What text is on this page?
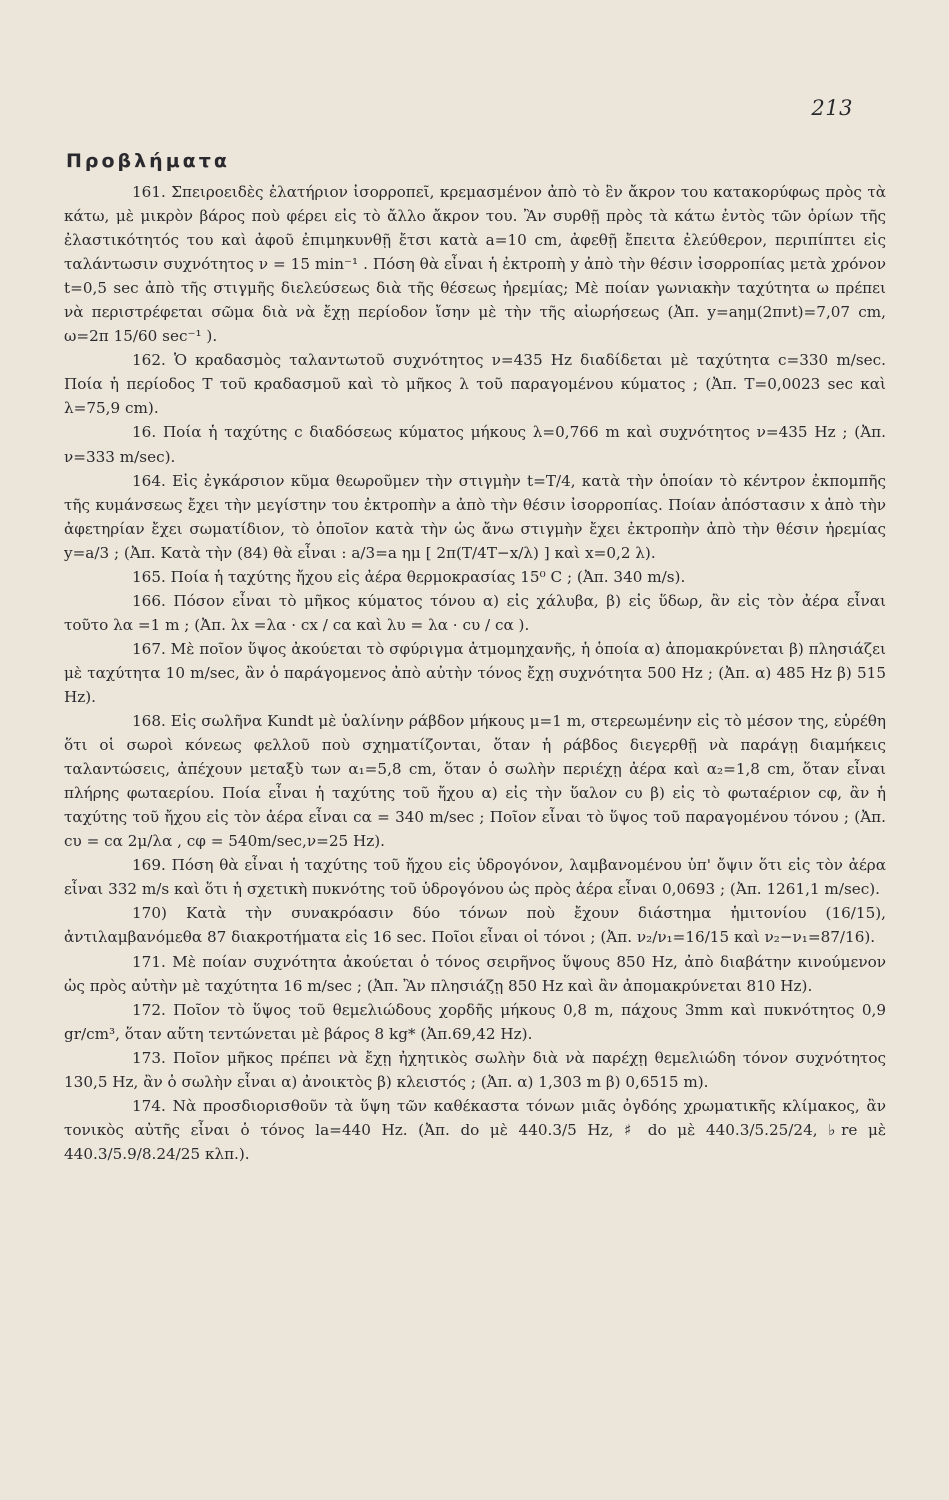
213
Προβλήματα

161. Σπειροειδὲς ἐλατήριον ἰσορροπεῖ, κρεμασμένον ἀπὸ τὸ ἓν ἄκρον του κατακορύφως πρὸς τὰ κάτω, μὲ μικρὸν βάρος ποὺ φέρει εἰς τὸ ἄλλο ἄκρον του. Ἂν συρθῇ πρὸς τὰ κάτω ἐντὸς τῶν ὁρίων τῆς ἐλαστικότητός του καὶ ἀφοῦ ἐπιμηκυνθῇ ἔτσι κατὰ a=10 cm, ἀφεθῇ ἔπειτα ἐλεύθερον, περιπίπτει εἰς ταλάντωσιν συχνότητος ν = 15 min⁻¹ . Πόση θὰ εἶναι ἡ ἐκτροπὴ y ἀπὸ τὴν θέσιν ἰσορροπίας μετὰ χρόνον t=0,5 sec ἀπὸ τῆς στιγμῆς διελεύσεως διὰ τῆς θέσεως ἠρεμίας; Μὲ ποίαν γωνιακὴν ταχύτητα ω πρέπει νὰ περιστρέφεται σῶμα διὰ νὰ ἔχῃ περίοδον ἴσην μὲ τὴν τῆς αἰωρήσεως (Ἀπ. y=aημ(2πνt)=7,07 cm, ω=2π 15/60 sec⁻¹ ).

162. Ὁ κραδασμὸς ταλαντωτοῦ συχνότητος ν=435 Hz διαδίδεται μὲ ταχύτητα c=330 m/sec. Ποία ἡ περίοδος T τοῦ κραδασμοῦ καὶ τὸ μῆκος λ τοῦ παραγομένου κύματος ; (Ἀπ. T=0,0023 sec καὶ λ=75,9 cm).

16. Ποία ἡ ταχύτης c διαδόσεως κύματος μήκους λ=0,766 m καὶ συχνότητος ν=435 Hz ; (Ἀπ. ν=333 m/sec).

164. Εἰς ἐγκάρσιον κῦμα θεωροῦμεν τὴν στιγμὴν t=T/4, κατὰ τὴν ὁποίαν τὸ κέντρον ἐκπομπῆς τῆς κυμάνσεως ἔχει τὴν μεγίστην του ἐκτροπὴν a ἀπὸ τὴν θέσιν ἰσορροπίας. Ποίαν ἀπόστασιν x ἀπὸ τὴν ἀφετηρίαν ἔχει σωματίδιον, τὸ ὁποῖον κατὰ τὴν ὡς ἄνω στιγμὴν ἔχει ἐκτροπὴν ἀπὸ τὴν θέσιν ἠρεμίας y=a/3 ; (Ἀπ. Κατὰ τὴν (84) θὰ εἶναι : a/3=a ημ [ 2π(T/4T−x/λ) ] καὶ x=0,2 λ).

165. Ποία ἡ ταχύτης ἤχου εἰς ἀέρα θερμοκρασίας 15⁰ C ; (Ἀπ. 340 m/s).

166. Πόσον εἶναι τὸ μῆκος κύματος τόνου α) εἰς χάλυβα, β) εἰς ὕδωρ, ἂν εἰς τὸν ἀέρα εἶναι τοῦτο λα =1 m ; (Ἀπ. λx =λα · cx / cα καὶ λυ = λα · cυ / cα ).

167. Μὲ ποῖον ὕψος ἀκούεται τὸ σφύριγμα ἀτμομηχανῆς, ἡ ὁποία α) ἀπομακρύνεται β) πλησιάζει μὲ ταχύτητα 10 m/sec, ἂν ὁ παράγομενος ἀπὸ αὐτὴν τόνος ἔχῃ συχνότητα 500 Hz ; (Ἀπ. α) 485 Hz β) 515 Hz).

168. Εἰς σωλῆνα Kundt μὲ ὑαλίνην ράβδον μήκους μ=1 m, στερεωμένην εἰς τὸ μέσον της, εὑρέθη ὅτι οἱ σωροὶ κόνεως φελλοῦ ποὺ σχηματίζονται, ὅταν ἡ ράβδος διεγερθῇ νὰ παράγῃ διαμήκεις ταλαντώσεις, ἀπέχουν μεταξὺ των α₁=5,8 cm, ὅταν ὁ σωλὴν περιέχῃ ἀέρα καὶ α₂=1,8 cm, ὅταν εἶναι πλήρης φωταερίου. Ποία εἶναι ἡ ταχύτης τοῦ ἤχου α) εἰς τὴν ὕαλον cυ β) εἰς τὸ φωταέριον cφ, ἂν ἡ ταχύτης τοῦ ἤχου εἰς τὸν ἀέρα εἶναι cα = 340 m/sec ; Ποῖον εἶναι τὸ ὕψος τοῦ παραγομένου τόνου ; (Ἀπ. cυ = cα 2μ/λα , cφ = 540m/sec,ν=25 Hz).

169. Πόση θὰ εἶναι ἡ ταχύτης τοῦ ἤχου εἰς ὑδρογόνον, λαμβανομένου ὑπ' ὄψιν ὅτι εἰς τὸν ἀέρα εἶναι 332 m/s καὶ ὅτι ἡ σχετικὴ πυκνότης τοῦ ὑδρογόνου ὡς πρὸς ἀέρα εἶναι 0,0693 ; (Ἀπ. 1261,1 m/sec).

170) Κατὰ τὴν συνακρόασιν δύο τόνων ποὺ ἔχουν διάστημα ἡμιτονίου (16/15), ἀντιλαμβανόμεθα 87 διακροτήματα εἰς 16 sec. Ποῖοι εἶναι οἱ τόνοι ; (Ἀπ. ν₂/ν₁=16/15 καὶ ν₂−ν₁=87/16).

171. Μὲ ποίαν συχνότητα ἀκούεται ὁ τόνος σειρῆνος ὕψους 850 Hz, ἀπὸ διαβάτην κινούμενον ὡς πρὸς αὐτὴν μὲ ταχύτητα 16 m/sec ; (Ἀπ. Ἂν πλησιάζῃ 850 Hz καὶ ἂν ἀπομακρύνεται 810 Hz).

172. Ποῖον τὸ ὕψος τοῦ θεμελιώδους χορδῆς μήκους 0,8 m, πάχους 3mm καὶ πυκνότητος 0,9 gr/cm³, ὅταν αὕτη τεντώνεται μὲ βάρος 8 kg* (Ἀπ.69,42 Hz).

173. Ποῖον μῆκος πρέπει νὰ ἔχῃ ἠχητικὸς σωλὴν διὰ νὰ παρέχῃ θεμελιώδη τόνον συχνότητος 130,5 Hz, ἂν ὁ σωλὴν εἶναι α) ἀνοικτὸς β) κλειστός ; (Ἀπ. α) 1,303 m β) 0,6515 m).

174. Νὰ προσδιορισθοῦν τὰ ὕψη τῶν καθέκαστα τόνων μιᾶς ὀγδόης χρωματικῆς κλίμακος, ἂν τονικὸς αὐτῆς εἶναι ὁ τόνος la=440 Hz. (Ἀπ. do μὲ 440.3/5 Hz, ♯ do μὲ 440.3/5.25/24, ♭re μὲ 440.3/5.9/8.24/25 κλπ.).
